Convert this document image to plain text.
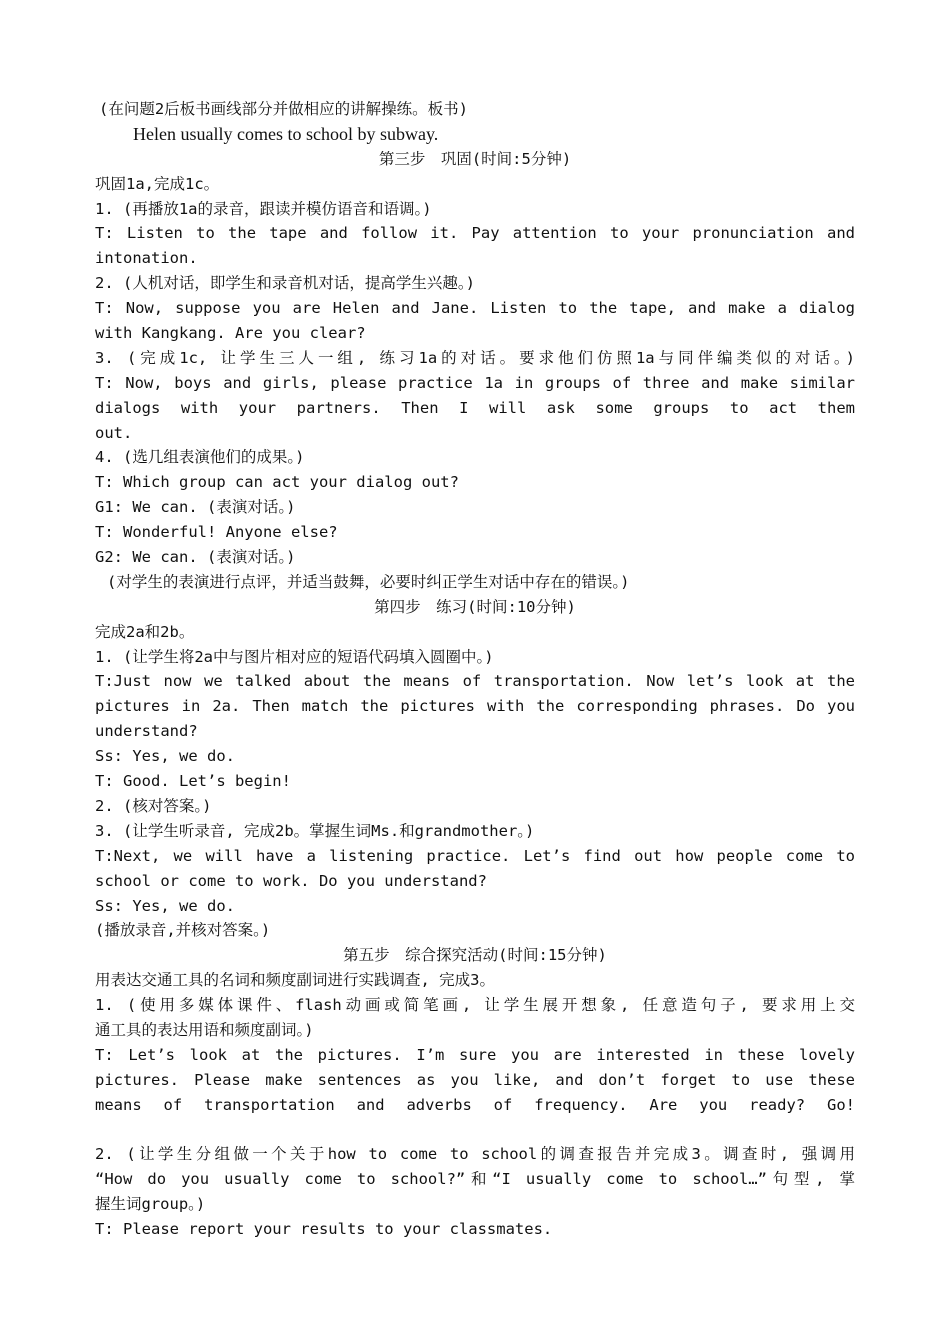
(在问题2后板书画线部分并做相应的讲解操练。板书)
Helen usually comes to school by subway.
第三步　巩固(时间:5分钟)
巩固1a,完成1c。
1. (再播放1a的录音，跟读并模仿语音和语调。)
T: Listen to the tape and follow it. Pay attention to your pronunciation and
intonation.
2. (人机对话，即学生和录音机对话，提高学生兴趣。)
T: Now, suppose you are Helen and Jane. Listen to the tape, and make a dialog
with Kangkang. Are you clear?
3. (完成1c, 让学生三人一组, 练习1a的对话。要求他们仿照1a与同伴编类似的对话。)
T: Now, boys and girls, please practice 1a in groups of three and make similar
dialogs with your partners. Then I will ask some groups to act them
out.
4. (选几组表演他们的成果。)
T: Which group can act your dialog out?
G1: We can. (表演对话。)
T: Wonderful! Anyone else?
G2: We can. (表演对话。)
(对学生的表演进行点评，并适当鼓舞，必要时纠正学生对话中存在的错误。)
第四步　练习(时间:10分钟)
完成2a和2b。
1. (让学生将2a中与图片相对应的短语代码填入圆圈中。)
T:Just now we talked about the means of transportation. Now let’s look at the
pictures in 2a. Then match the pictures with the corresponding phrases. Do you
understand?
Ss: Yes, we do.
T: Good. Let’s begin!
2. (核对答案。)
3. (让学生听录音, 完成2b。掌握生词Ms.和grandmother。)
T:Next, we will have a listening practice. Let’s find out how people come to
school or come to work. Do you understand?
Ss: Yes, we do.
(播放录音,并核对答案。)
第五步　综合探究活动(时间:15分钟)
用表达交通工具的名词和频度副词进行实践调查, 完成3。
1. (使用多媒体课件、flash动画或简笔画, 让学生展开想象, 任意造句子, 要求用上交
通工具的表达用语和频度副词。)
T: Let’s look at the pictures. I’m sure you are interested in these lovely
pictures. Please make sentences as you like, and don’t forget to use these
means of transportation and adverbs of frequency. Are you ready? Go!
2. (让学生分组做一个关于how to come to school的调查报告并完成3。调查时, 强调用
“How do you usually come to school?”和“I usually come to school…”句型, 掌
握生词group。)
T: Please report your results to your classmates.
